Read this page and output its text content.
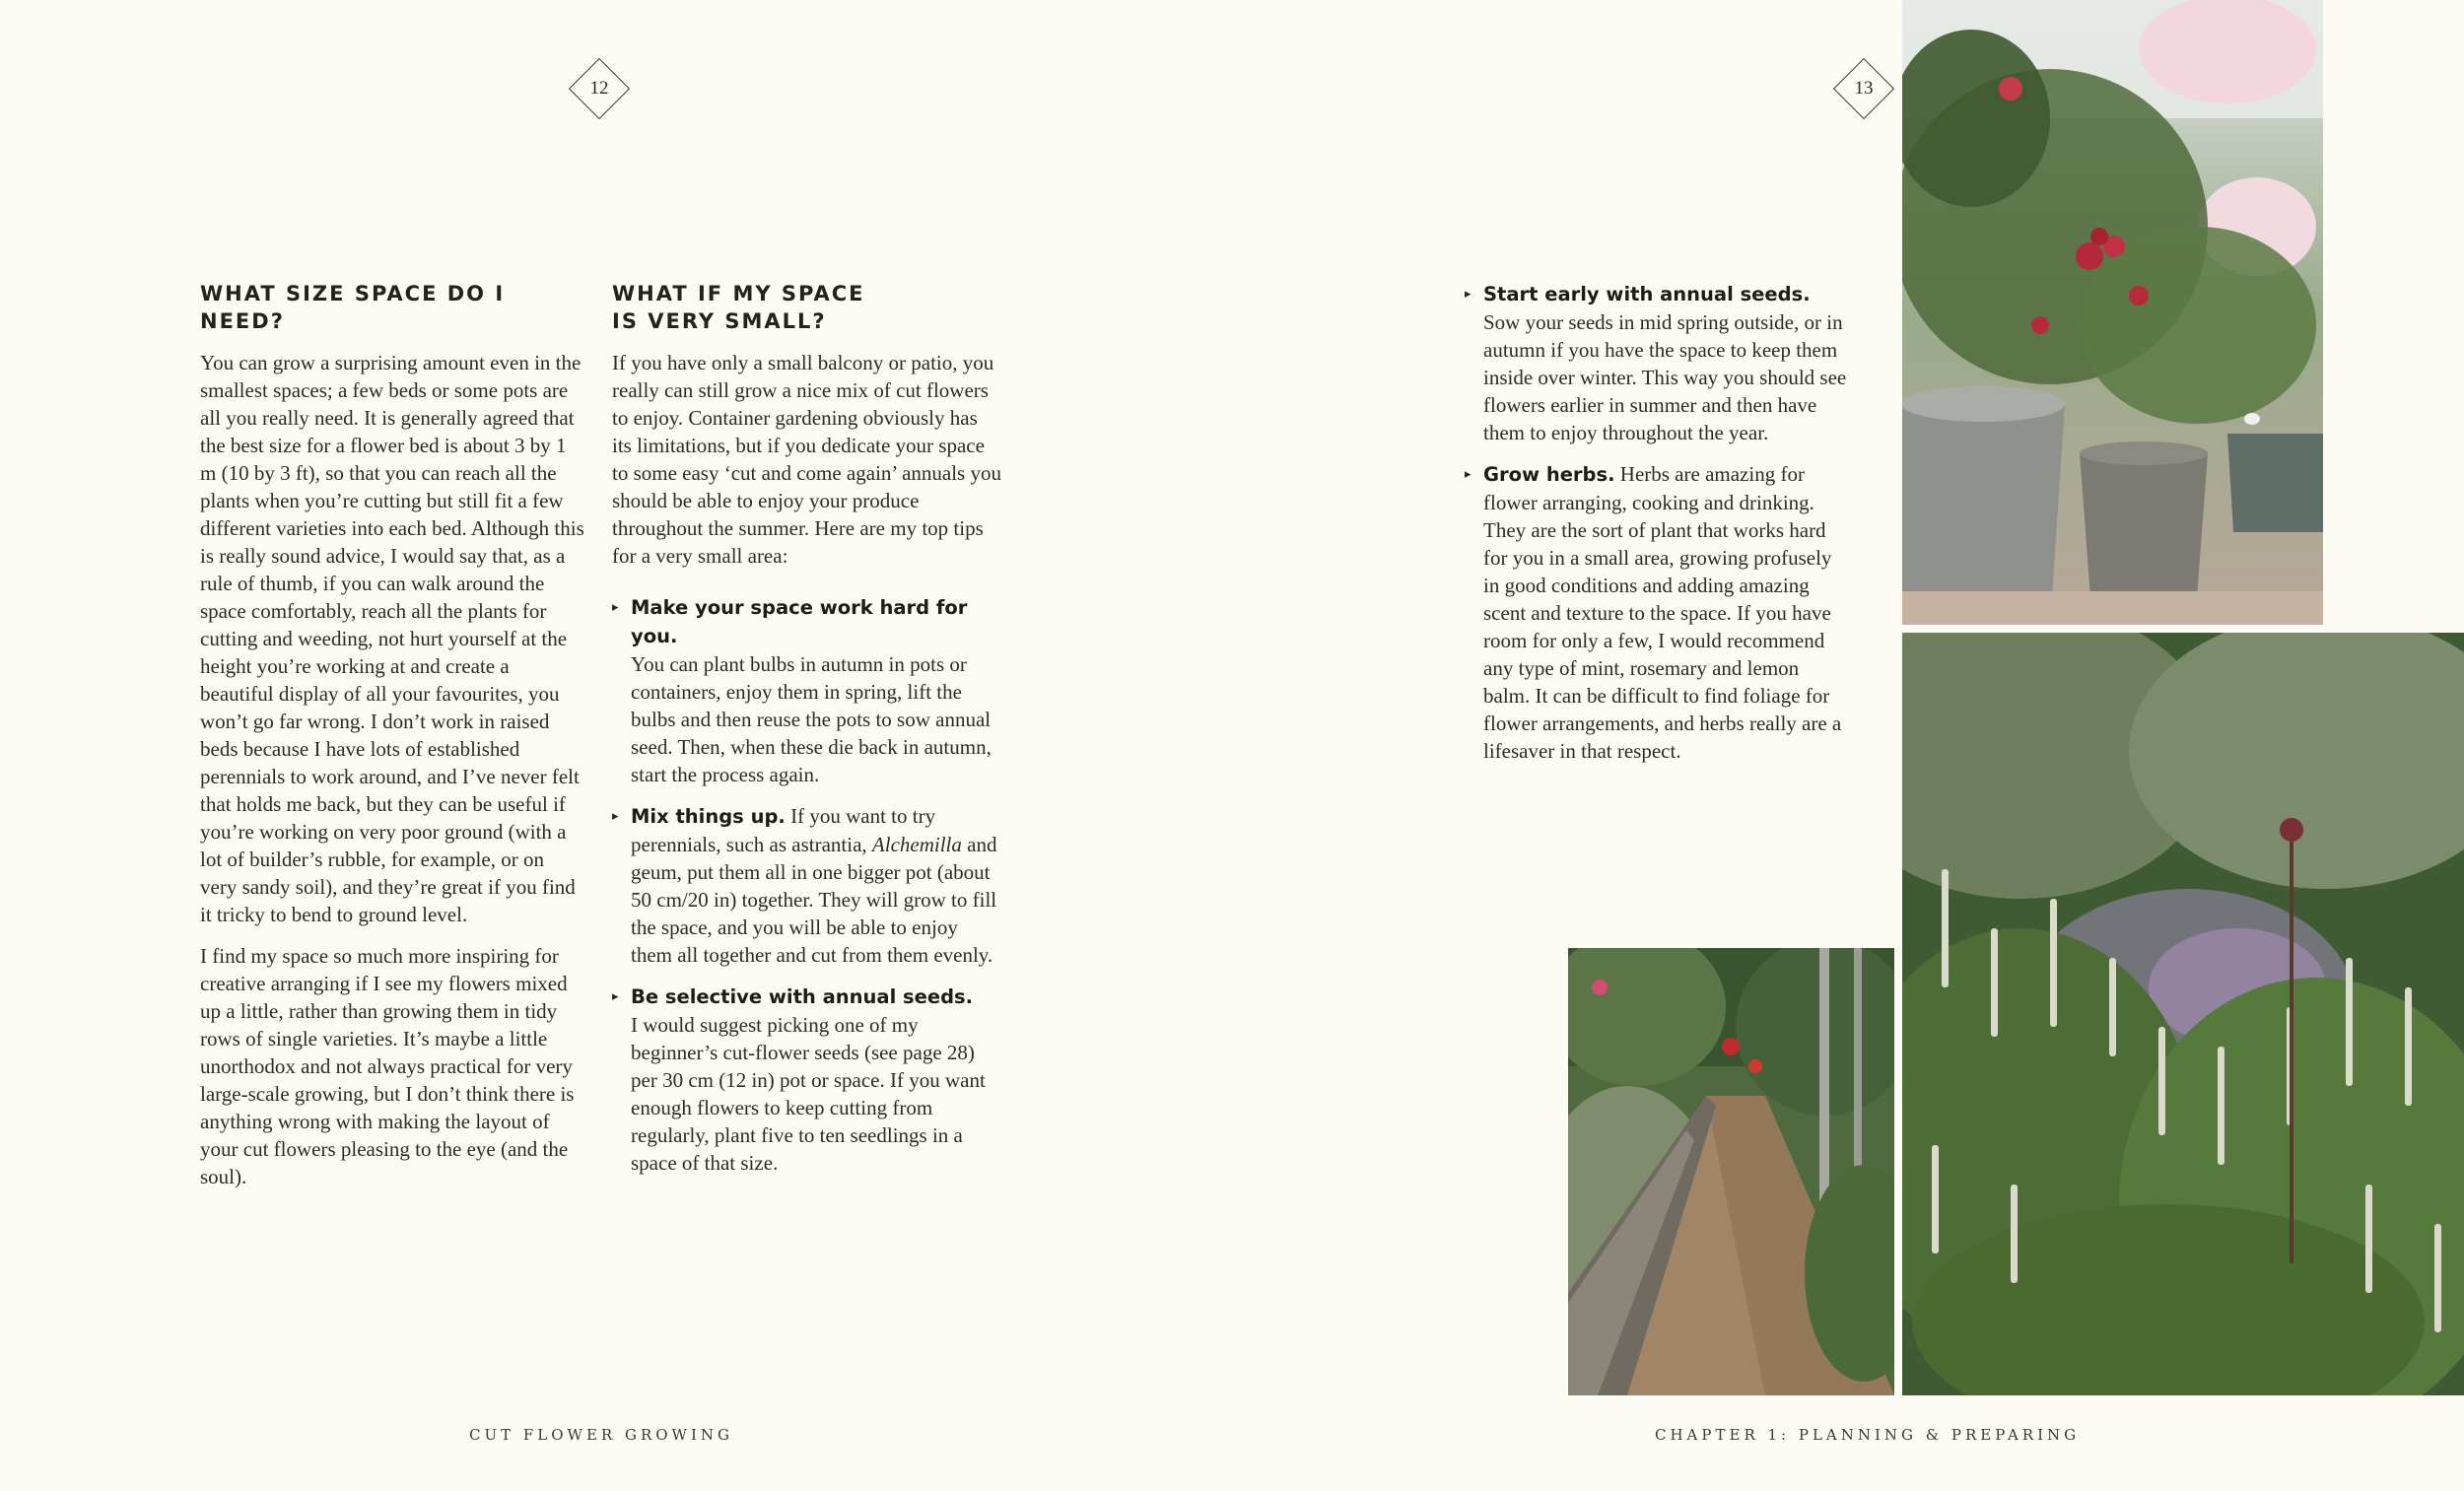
12
WHAT SIZE SPACE DO I NEED?

You can grow a surprising amount even in the smallest spaces; a few beds or some pots are all you really need. It is generally agreed that the best size for a flower bed is about 3 by 1 m (10 by 3 ft), so that you can reach all the plants when you’re cutting but still fit a few different varieties into each bed. Although this is really sound advice, I would say that, as a rule of thumb, if you can walk around the space comfortably, reach all the plants for cutting and weeding, not hurt yourself at the height you’re working at and create a beautiful display of all your favourites, you won’t go far wrong. I don’t work in raised beds because I have lots of established perennials to work around, and I’ve never felt that holds me back, but they can be useful if you’re working on very poor ground (with a lot of builder’s rubble, for example, or on very sandy soil), and they’re great if you find it tricky to bend to ground level.

I find my space so much more inspiring for creative arranging if I see my flowers mixed up a little, rather than growing them in tidy rows of single varieties. It’s maybe a little unorthodox and not always practical for very large-scale growing, but I don’t think there is anything wrong with making the layout of your cut flowers pleasing to the eye (and the soul).

WHAT IF MY SPACE
IS VERY SMALL?

If you have only a small balcony or patio, you really can still grow a nice mix of cut flowers to enjoy. Container gardening obviously has its limitations, but if you dedicate your space to some easy ‘cut and come again’ annuals you should be able to enjoy your produce throughout the summer. Here are my top tips for a very small area:

▸ Make your space work hard for you.
You can plant bulbs in autumn in pots or containers, enjoy them in spring, lift the bulbs and then reuse the pots to sow annual seed. Then, when these die back in autumn, start the process again.
▸ Mix things up. If you want to try perennials, such as astrantia, Alchemilla and geum, put them all in one bigger pot (about 50 cm/20 in) together. They will grow to fill the space, and you will be able to enjoy them all together and cut from them evenly.
▸ Be selective with annual seeds.
I would suggest picking one of my beginner’s cut-flower seeds (see page 28) per 30 cm (12 in) pot or space. If you want enough flowers to keep cutting from regularly, plant five to ten seedlings in a space of that size.
CUT FLOWER GROWING
13
▸ Start early with annual seeds.
Sow your seeds in mid spring outside, or in autumn if you have the space to keep them inside over winter. This way you should see flowers earlier in summer and then have them to enjoy throughout the year.
▸ Grow herbs. Herbs are amazing for flower arranging, cooking and drinking. They are the sort of plant that works hard for you in a small area, growing profusely in good conditions and adding amazing scent and texture to the space. If you have room for only a few, I would recommend any type of mint, rosemary and lemon balm. It can be difficult to find foliage for flower arrangements, and herbs really are a lifesaver in that respect.
CHAPTER 1: PLANNING & PREPARING
